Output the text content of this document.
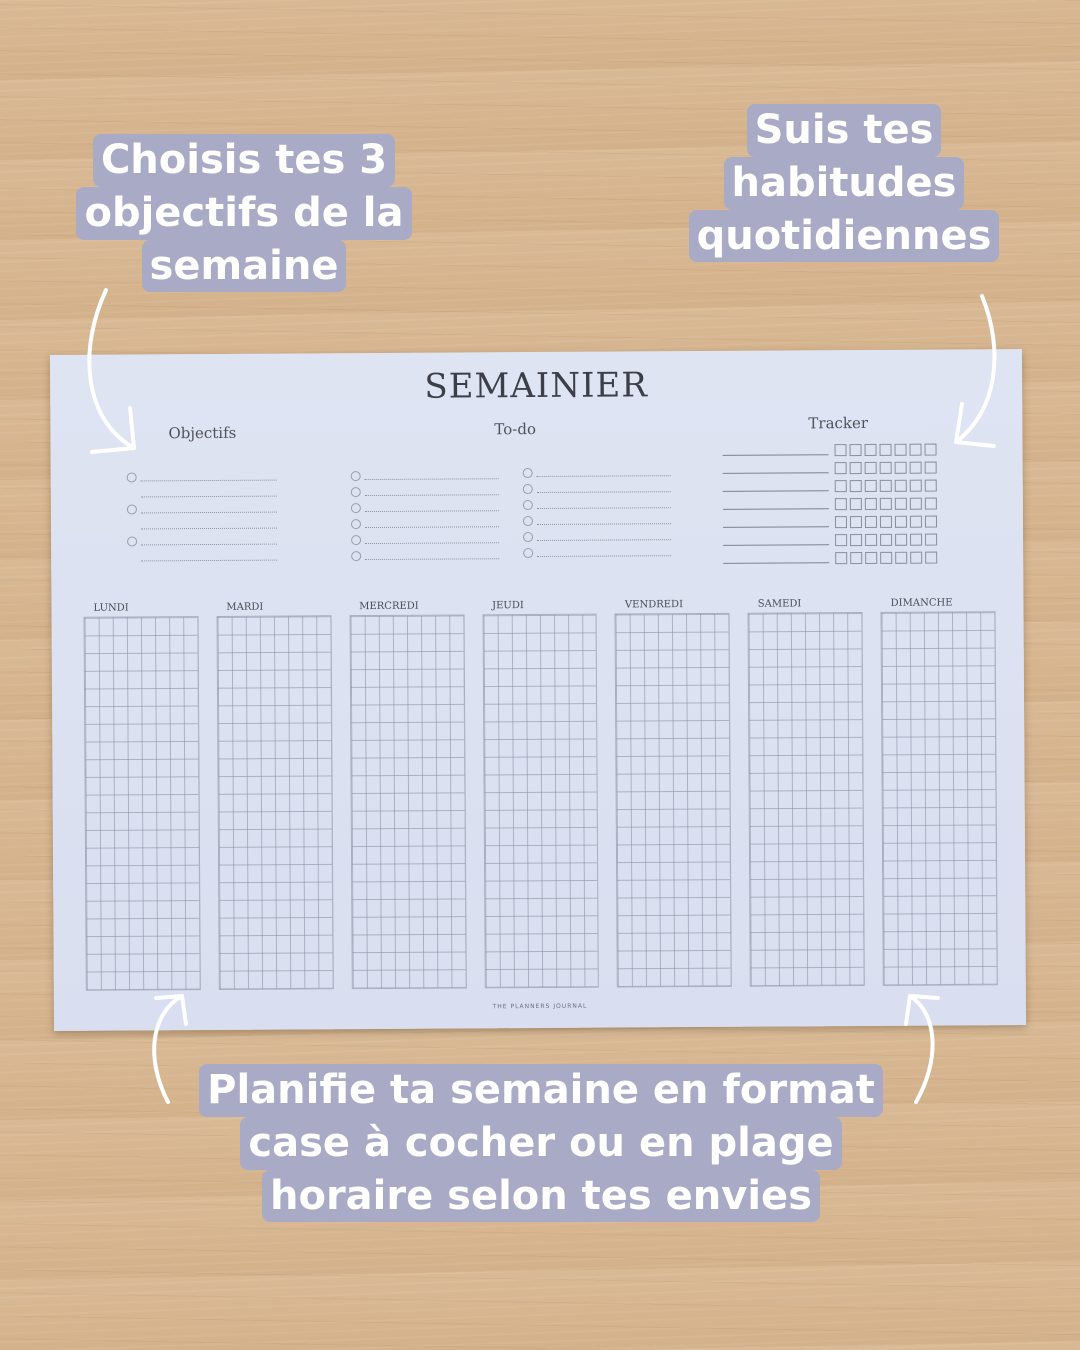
Choisis tes 3
objectifs de la
semaine
Suis tes
habitudes
quotidiennes
SEMAINIER
Objectifs	To-do	Tracker
LUNDI	MARDI	MERCREDI	JEUDI	VENDREDI	SAMEDI	DIMANCHE
THE PLANNERS JOURNAL
Planifie ta semaine en format
case à cocher ou en plage
horaire selon tes envies
